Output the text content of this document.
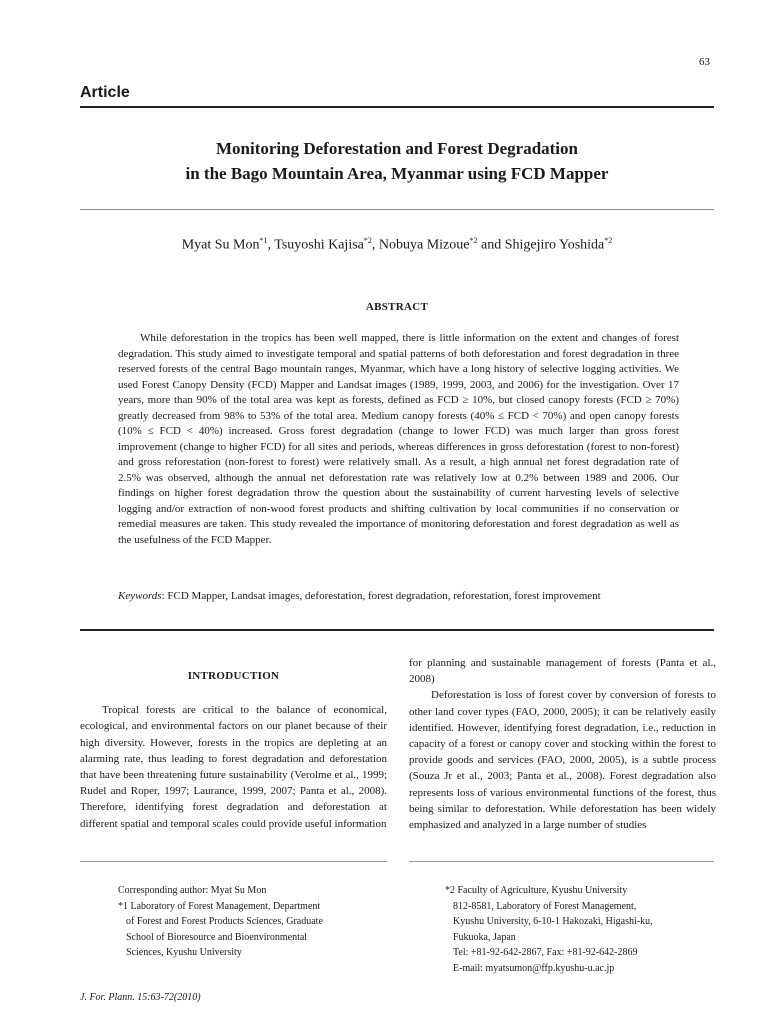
63
Article
Monitoring Deforestation and Forest Degradation
in the Bago Mountain Area, Myanmar using FCD Mapper
Myat Su Mon$^{*1}$, Tsuyoshi Kajisa$^{*2}$, Nobuya Mizoue$^{*2}$ and Shigejiro Yoshida$^{*2}$
ABSTRACT

While deforestation in the tropics has been well mapped, there is little information on the extent and changes of forest degradation. This study aimed to investigate temporal and spatial patterns of both deforestation and forest degradation in three reserved forests of the central Bago mountain ranges, Myanmar, which have a long history of selective logging activities. We used Forest Canopy Density (FCD) Mapper and Landsat images (1989, 1999, 2003, and 2006) for the investigation. Over 17 years, more than 90% of the total area was kept as forests, defined as FCD ≥ 10%, but closed canopy forests (FCD ≥ 70%) greatly decreased from 98% to 53% of the total area. Medium canopy forests (40% ≤ FCD < 70%) and open canopy forests (10% ≤ FCD < 40%) increased. Gross forest degradation (change to lower FCD) was much larger than gross forest improvement (change to higher FCD) for all sites and periods, whereas differences in gross deforestation (forest to non-forest) and gross reforestation (non-forest to forest) were relatively small. As a result, a high annual net forest degradation rate of 2.5% was observed, although the annual net deforestation rate was relatively low at 0.2% between 1989 and 2006. Our findings on higher forest degradation throw the question about the sustainability of current harvesting levels of selective logging and/or extraction of non-wood forest products and shifting cultivation by local communities if no conservation or remedial measures are taken. This study revealed the importance of monitoring deforestation and forest degradation as well as the usefulness of the FCD Mapper.

Keywords: FCD Mapper, Landsat images, deforestation, forest degradation, reforestation, forest improvement
INTRODUCTION

Tropical forests are critical to the balance of economical, ecological, and environmental factors on our planet because of their high diversity. However, forests in the tropics are depleting at an alarming rate, thus leading to forest degradation and deforestation that have been threatening future sustainability (Verolme et al., 1999; Rudel and Roper, 1997; Laurance, 1999, 2007; Panta et al., 2008). Therefore, identifying forest degradation and deforestation at different spatial and temporal scales could provide useful information

for planning and sustainable management of forests (Panta et al., 2008)

Deforestation is loss of forest cover by conversion of forests to other land cover types (FAO, 2000, 2005); it can be relatively easily identified. However, identifying forest degradation, i.e., reduction in capacity of a forest or canopy cover and stocking within the forest to provide goods and services (FAO, 2000, 2005), is a subtle process (Souza Jr et al., 2003; Panta et al., 2008). Forest degradation also represents loss of various environmental functions of the forest, thus being similar to deforestation. While deforestation has been widely emphasized and analyzed in a large number of studies

Corresponding author: Myat Su Mon
*1 Laboratory of Forest Management, Department
of Forest and Forest Products Sciences, Graduate
School of Bioresource and Bioenvironmental
Sciences, Kyushu University
*2 Faculty of Agriculture, Kyushu University
812-8581, Laboratory of Forest Management,
Kyushu University, 6-10-1 Hakozaki, Higashi-ku,
Fukuoka, Japan
Tel: +81-92-642-2867, Fax: +81-92-642-2869
E-mail: myatsumon@ffp.kyushu-u.ac.jp
J. For. Plann. 15:63-72(2010)
